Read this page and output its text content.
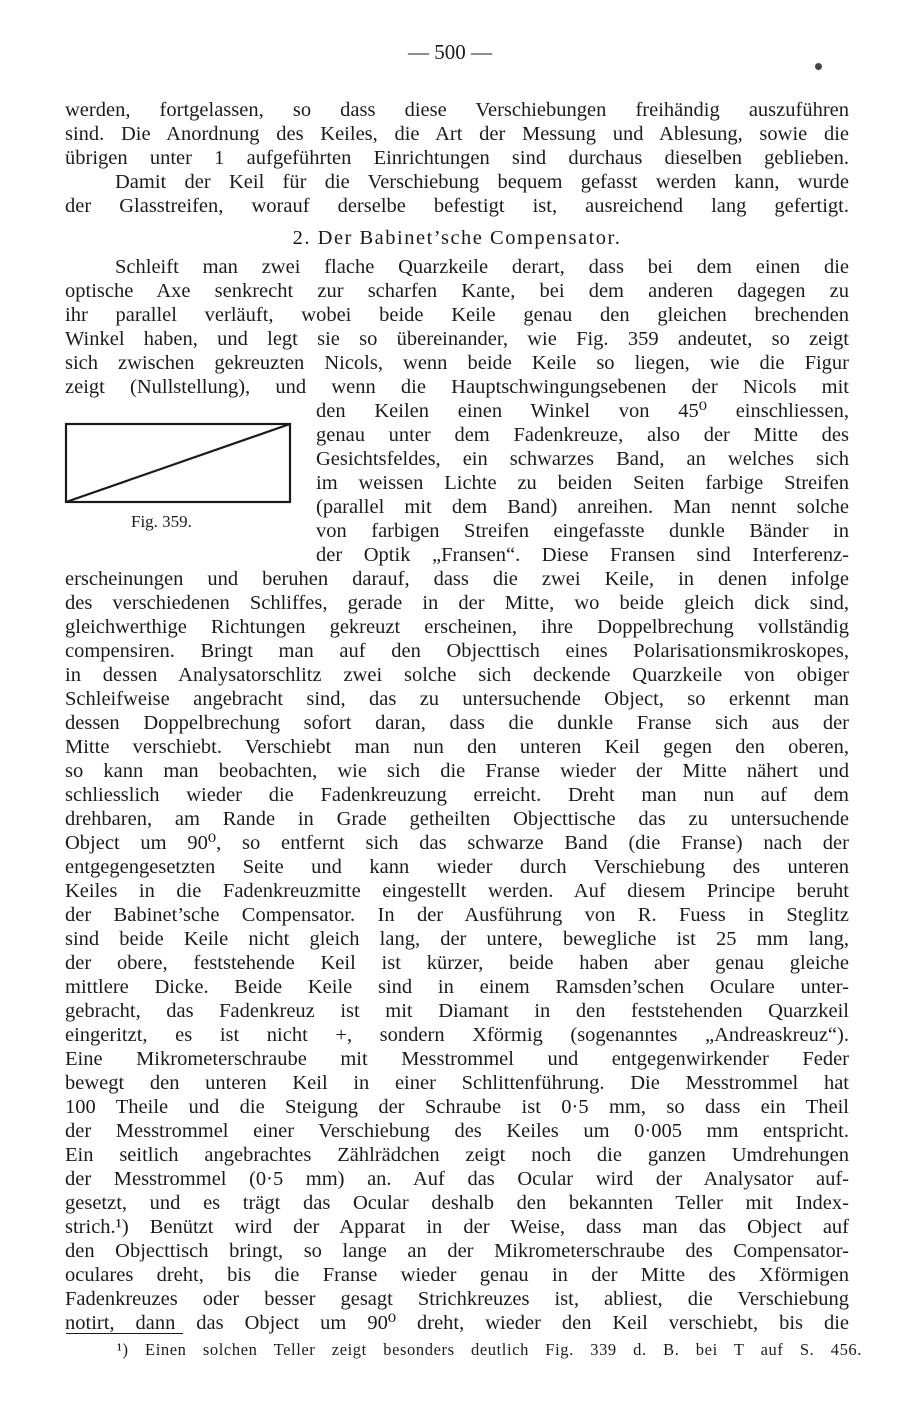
— 500 —
werden, fortgelassen, so dass diese Verschiebungen freihändig auszuführen
sind. Die Anordnung des Keiles, die Art der Messung und Ablesung, sowie die
übrigen unter 1 aufgeführten Einrichtungen sind durchaus dieselben geblieben.
Damit der Keil für die Verschiebung bequem gefasst werden kann, wurde
der Glasstreifen, worauf derselbe befestigt ist, ausreichend lang gefertigt.
2. Der Babinet’sche Compensator.
Schleift man zwei flache Quarzkeile derart, dass bei dem einen die
optische Axe senkrecht zur scharfen Kante, bei dem anderen dagegen zu
ihr parallel verläuft, wobei beide Keile genau den gleichen brechenden
Winkel haben, und legt sie so übereinander, wie Fig. 359 andeutet, so zeigt
sich zwischen gekreuzten Nicols, wenn beide Keile so liegen, wie die Figur
zeigt (Nullstellung), und wenn die Hauptschwingungsebenen der Nicols mit
den Keilen einen Winkel von 45⁰ einschliessen,
genau unter dem Fadenkreuze, also der Mitte des
Gesichtsfeldes, ein schwarzes Band, an welches sich
im weissen Lichte zu beiden Seiten farbige Streifen
(parallel mit dem Band) anreihen. Man nennt solche
von farbigen Streifen eingefasste dunkle Bänder in
der Optik „Fransen“. Diese Fransen sind Interferenz-
Fig. 359.
erscheinungen und beruhen darauf, dass die zwei Keile, in denen infolge
des verschiedenen Schliffes, gerade in der Mitte, wo beide gleich dick sind,
gleichwerthige Richtungen gekreuzt erscheinen, ihre Doppelbrechung vollständig
compensiren. Bringt man auf den Objecttisch eines Polarisationsmikroskopes,
in dessen Analysatorschlitz zwei solche sich deckende Quarzkeile von obiger
Schleifweise angebracht sind, das zu untersuchende Object, so erkennt man
dessen Doppelbrechung sofort daran, dass die dunkle Franse sich aus der
Mitte verschiebt. Verschiebt man nun den unteren Keil gegen den oberen,
so kann man beobachten, wie sich die Franse wieder der Mitte nähert und
schliesslich wieder die Fadenkreuzung erreicht. Dreht man nun auf dem
drehbaren, am Rande in Grade getheilten Objecttische das zu untersuchende
Object um 90⁰, so entfernt sich das schwarze Band (die Franse) nach der
entgegengesetzten Seite und kann wieder durch Verschiebung des unteren
Keiles in die Fadenkreuzmitte eingestellt werden. Auf diesem Principe beruht
der Babinet’sche Compensator. In der Ausführung von R. Fuess in Steglitz
sind beide Keile nicht gleich lang, der untere, bewegliche ist 25 mm lang,
der obere, feststehende Keil ist kürzer, beide haben aber genau gleiche
mittlere Dicke. Beide Keile sind in einem Ramsden’schen Oculare unter-
gebracht, das Fadenkreuz ist mit Diamant in den feststehenden Quarzkeil
eingeritzt, es ist nicht +, sondern Xförmig (sogenanntes „Andreaskreuz“).
Eine Mikrometerschraube mit Messtrommel und entgegenwirkender Feder
bewegt den unteren Keil in einer Schlittenführung. Die Messtrommel hat
100 Theile und die Steigung der Schraube ist 0·5 mm, so dass ein Theil
der Messtrommel einer Verschiebung des Keiles um 0·005 mm entspricht.
Ein seitlich angebrachtes Zählrädchen zeigt noch die ganzen Umdrehungen
der Messtrommel (0·5 mm) an. Auf das Ocular wird der Analysator auf-
gesetzt, und es trägt das Ocular deshalb den bekannten Teller mit Index-
strich.¹) Benützt wird der Apparat in der Weise, dass man das Object auf
den Objecttisch bringt, so lange an der Mikrometerschraube des Compensator-
oculares dreht, bis die Franse wieder genau in der Mitte des Xförmigen
Fadenkreuzes oder besser gesagt Strichkreuzes ist, abliest, die Verschiebung
notirt, dann das Object um 90⁰ dreht, wieder den Keil verschiebt, bis die
¹) Einen solchen Teller zeigt besonders deutlich Fig. 339 d. B. bei T auf S. 456.
